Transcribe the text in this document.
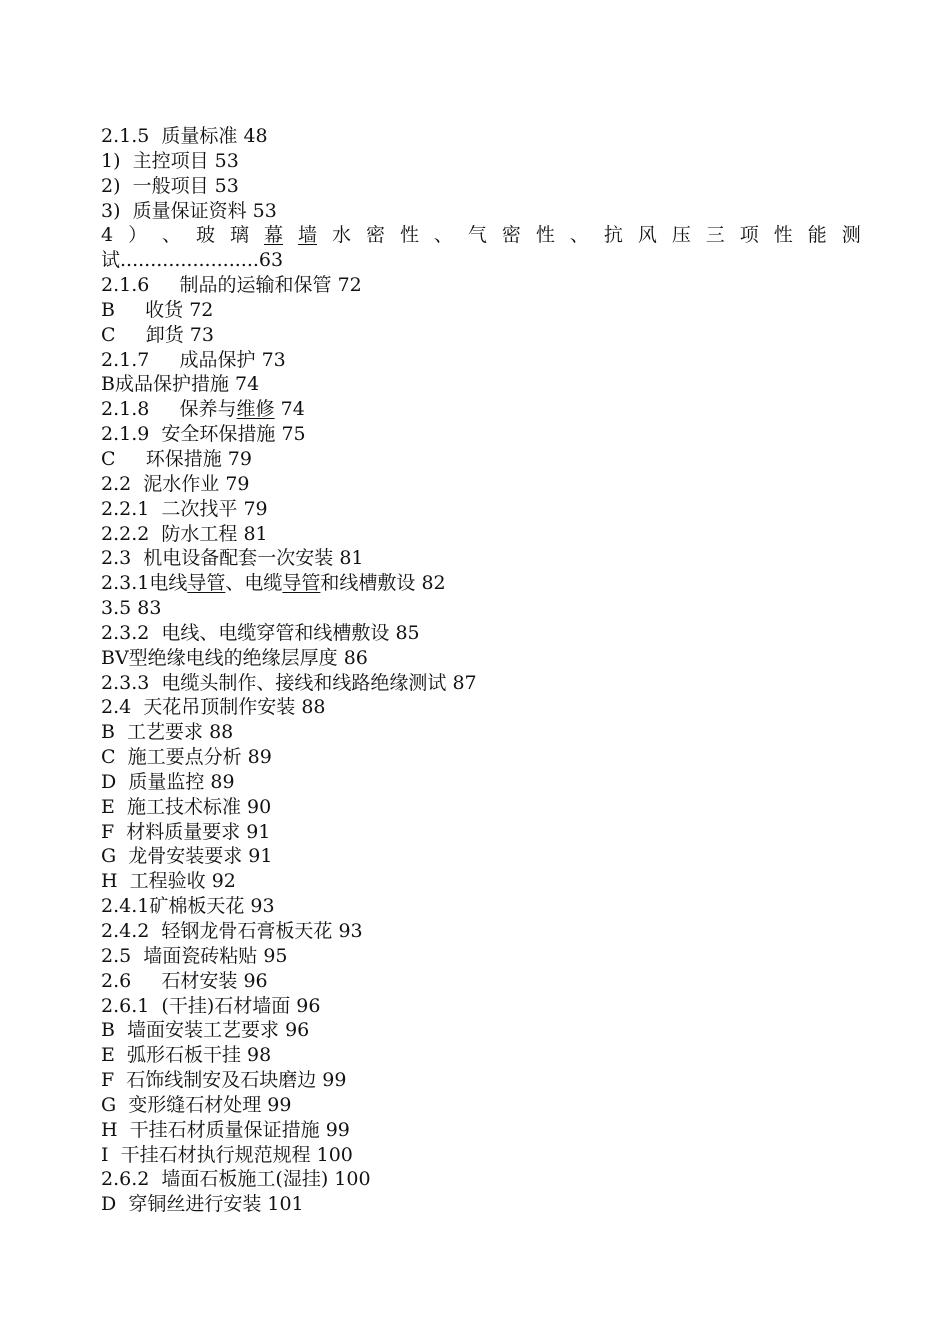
2.1.5  质量标准 48
1)  主控项目 53
2)  一般项目 53
3)  质量保证资料 53
4 ） 、 玻 璃 幕 墙 水 密 性 、 气 密 性 、 抗 风 压 三 项 性 能 测
试.......................63
2.1.6     制品的运输和保管 72
B     收货 72
C     卸货 73
2.1.7     成品保护 73
B成品保护措施 74
2.1.8     保养与维修 74
2.1.9  安全环保措施 75
C     环保措施 79
2.2  泥水作业 79
2.2.1  二次找平 79
2.2.2  防水工程 81
2.3  机电设备配套一次安装 81
2.3.1电线导管、电缆导管和线槽敷设 82
3.5 83
2.3.2  电线、电缆穿管和线槽敷设 85
BV型绝缘电线的绝缘层厚度 86
2.3.3  电缆头制作、接线和线路绝缘测试 87
2.4  天花吊顶制作安装 88
B  工艺要求 88
C  施工要点分析 89
D  质量监控 89
E  施工技术标准 90
F  材料质量要求 91
G  龙骨安装要求 91
H  工程验收 92
2.4.1矿棉板天花 93
2.4.2  轻钢龙骨石膏板天花 93
2.5  墙面瓷砖粘贴 95
2.6     石材安装 96
2.6.1  (干挂)石材墙面 96
B  墙面安装工艺要求 96
E  弧形石板干挂 98
F  石饰线制安及石块磨边 99
G  变形缝石材处理 99
H  干挂石材质量保证措施 99
I  干挂石材执行规范规程 100
2.6.2  墙面石板施工(湿挂) 100
D  穿铜丝进行安装 101
